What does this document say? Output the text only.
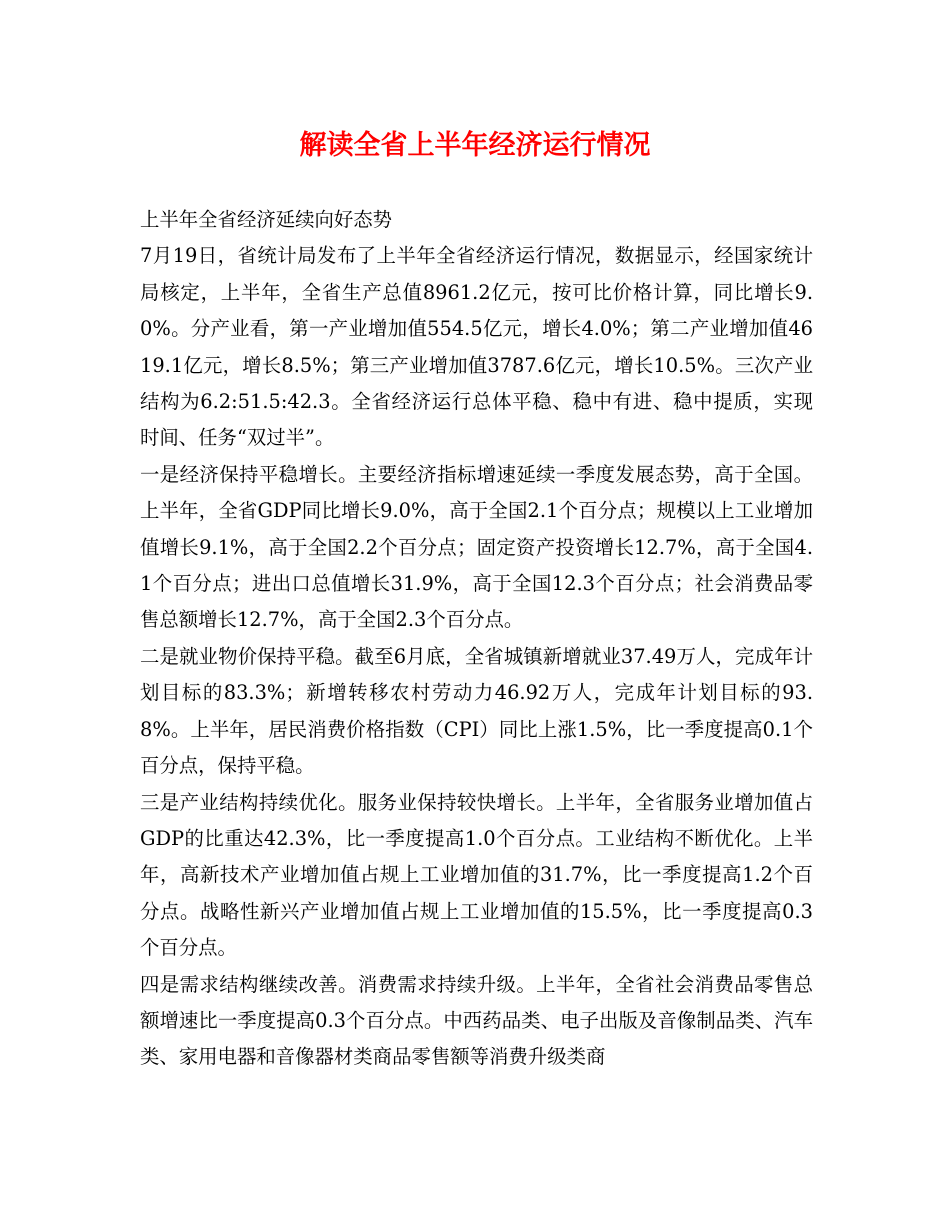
解读全省上半年经济运行情况

上半年全省经济延续向好态势

7月19日，省统计局发布了上半年全省经济运行情况，数据显示，经国家统计局核定，上半年，全省生产总值8961.2亿元，按可比价格计算，同比增长9.0%。分产业看，第一产业增加值554.5亿元，增长4.0%；第二产业增加值4619.1亿元，增长8.5%；第三产业增加值3787.6亿元，增长10.5%。三次产业结构为6.2:51.5:42.3。全省经济运行总体平稳、稳中有进、稳中提质，实现时间、任务“双过半”。

一是经济保持平稳增长。主要经济指标增速延续一季度发展态势，高于全国。上半年，全省GDP同比增长9.0%，高于全国2.1个百分点；规模以上工业增加值增长9.1%，高于全国2.2个百分点；固定资产投资增长12.7%，高于全国4.1个百分点；进出口总值增长31.9%，高于全国12.3个百分点；社会消费品零售总额增长12.7%，高于全国2.3个百分点。

二是就业物价保持平稳。截至6月底，全省城镇新增就业37.49万人，完成年计划目标的83.3%；新增转移农村劳动力46.92万人，完成年计划目标的93.8%。上半年，居民消费价格指数（CPI）同比上涨1.5%，比一季度提高0.1个百分点，保持平稳。

三是产业结构持续优化。服务业保持较快增长。上半年，全省服务业增加值占GDP的比重达42.3%，比一季度提高1.0个百分点。工业结构不断优化。上半年，高新技术产业增加值占规上工业增加值的31.7%，比一季度提高1.2个百分点。战略性新兴产业增加值占规上工业增加值的15.5%，比一季度提高0.3个百分点。

四是需求结构继续改善。消费需求持续升级。上半年，全省社会消费品零售总额增速比一季度提高0.3个百分点。中西药品类、电子出版及音像制品类、汽车类、家用电器和音像器材类商品零售额等消费升级类商
